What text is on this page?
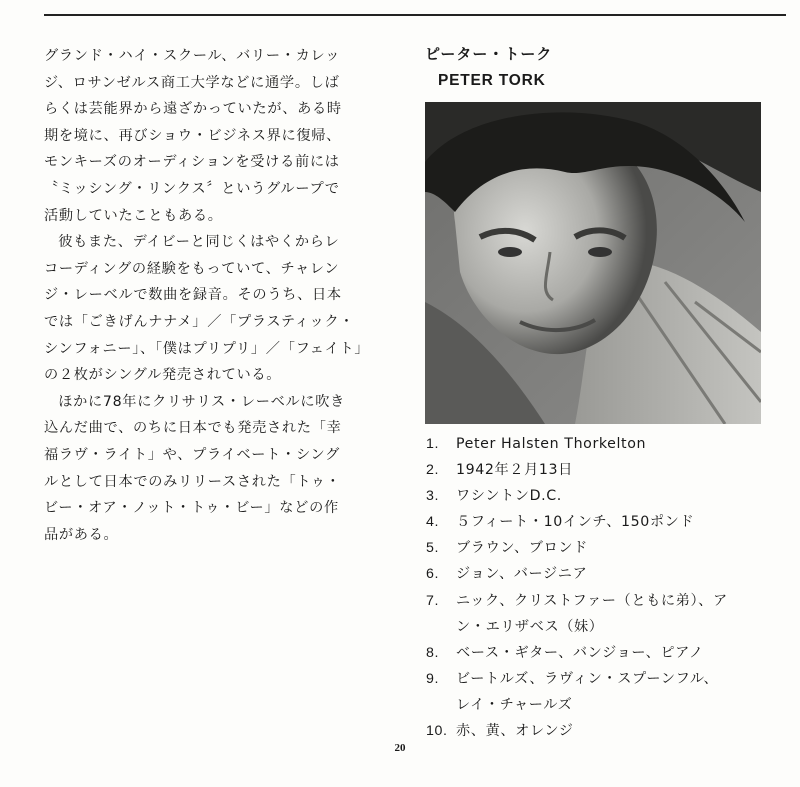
グランド・ハイ・スクール、バリー・カレッ

ジ、ロサンゼルス商工大学などに通学。しば

らくは芸能界から遠ざかっていたが、ある時

期を境に、再びショウ・ビジネス界に復帰、

モンキーズのオーディションを受ける前には

〝ミッシング・リンクス〞というグループで

活動していたこともある。

彼もまた、デイビーと同じくはやくからレ

コーディングの経験をもっていて、チャレン

ジ・レーベルで数曲を録音。そのうち、日本

では「ごきげんナナメ」／「プラスティック・

シンフォニー」、「僕はプリプリ」／「フェイト」

の２枚がシングル発売されている。

ほかに78年にクリサリス・レーベルに吹き

込んだ曲で、のちに日本でも発売された「幸

福ラヴ・ライト」や、プライベート・シング

ルとして日本でのみリリースされた「トゥ・

ビー・オア・ノット・トゥ・ビー」などの作

品がある。

ピーター・トーク

PETER TORK

1.	Peter Halsten Thorkelton
2.	1942年２月13日
3.	ワシントンD.C.
4.	５フィート・10インチ、150ポンド
5.	ブラウン、ブロンド
6.	ジョン、バージニア
7.	ニック、クリストファー（ともに弟）、ア
ン・エリザベス（妹）
8.	ベース・ギター、バンジョー、ピアノ
9.	ビートルズ、ラヴィン・スプーンフル、
レイ・チャールズ
10. 赤、黄、オレンジ
20
